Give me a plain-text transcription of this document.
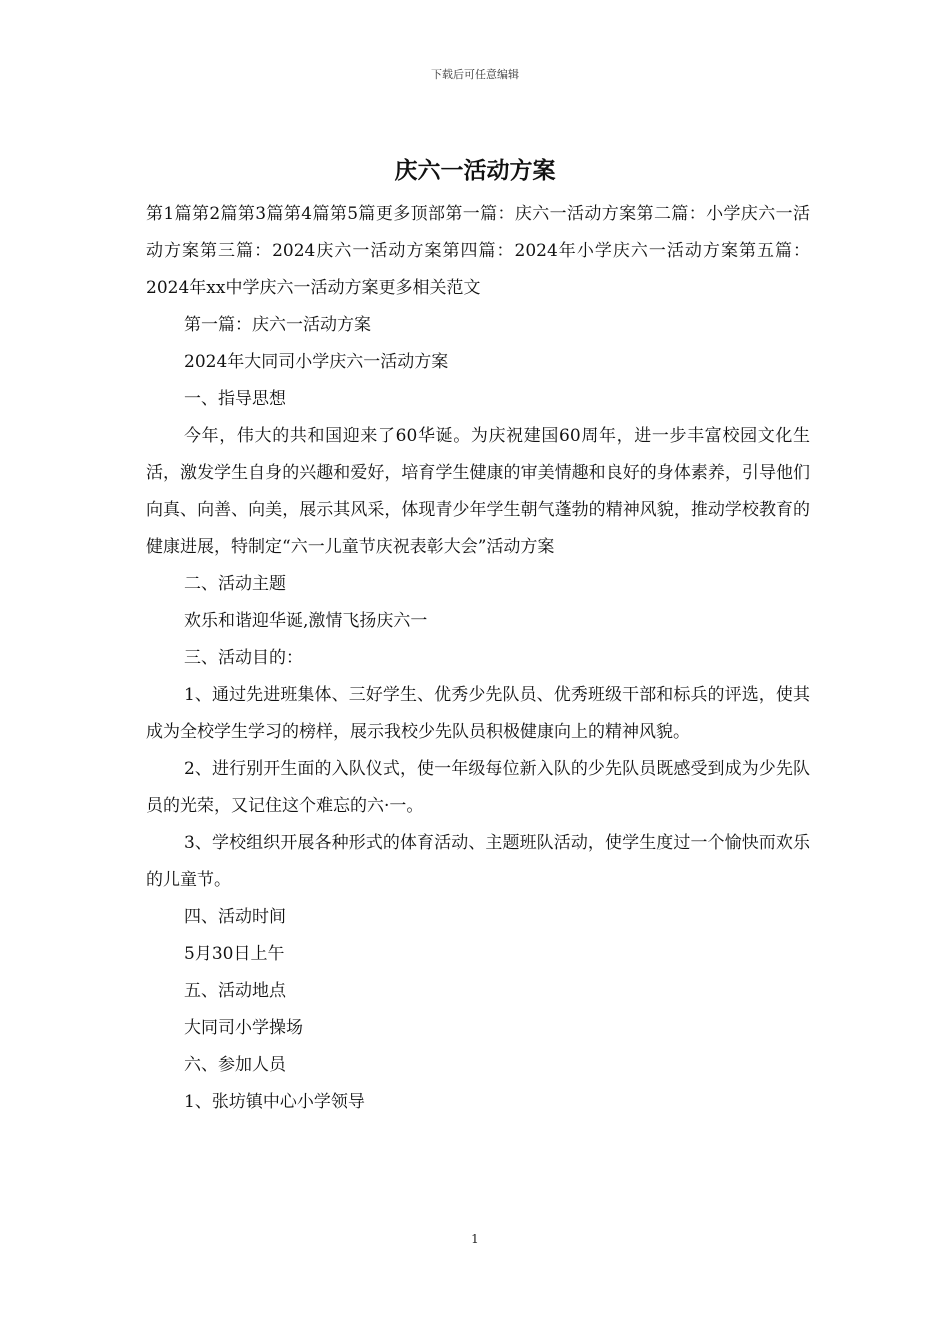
下载后可任意编辑
庆六一活动方案

第1篇第2篇第3篇第4篇第5篇更多顶部第一篇：庆六一活动方案第二篇：小学庆六一活动方案第三篇：2024庆六一活动方案第四篇：2024年小学庆六一活动方案第五篇：2024年xx中学庆六一活动方案更多相关范文

第一篇：庆六一活动方案

2024年大同司小学庆六一活动方案

一、指导思想

今年，伟大的共和国迎来了60华诞。为庆祝建国60周年，进一步丰富校园文化生活，激发学生自身的兴趣和爱好，培育学生健康的审美情趣和良好的身体素养，引导他们向真、向善、向美，展示其风采，体现青少年学生朝气蓬勃的精神风貌，推动学校教育的健康进展，特制定“六一儿童节庆祝表彰大会”活动方案

二、活动主题

欢乐和谐迎华诞,激情飞扬庆六一

三、活动目的：

1、通过先进班集体、三好学生、优秀少先队员、优秀班级干部和标兵的评选，使其成为全校学生学习的榜样，展示我校少先队员积极健康向上的精神风貌。

2、进行别开生面的入队仪式，使一年级每位新入队的少先队员既感受到成为少先队员的光荣，又记住这个难忘的六·一。

3、学校组织开展各种形式的体育活动、主题班队活动，使学生度过一个愉快而欢乐的儿童节。

四、活动时间

5月30日上午

五、活动地点

大同司小学操场

六、参加人员

1、张坊镇中心小学领导

1
